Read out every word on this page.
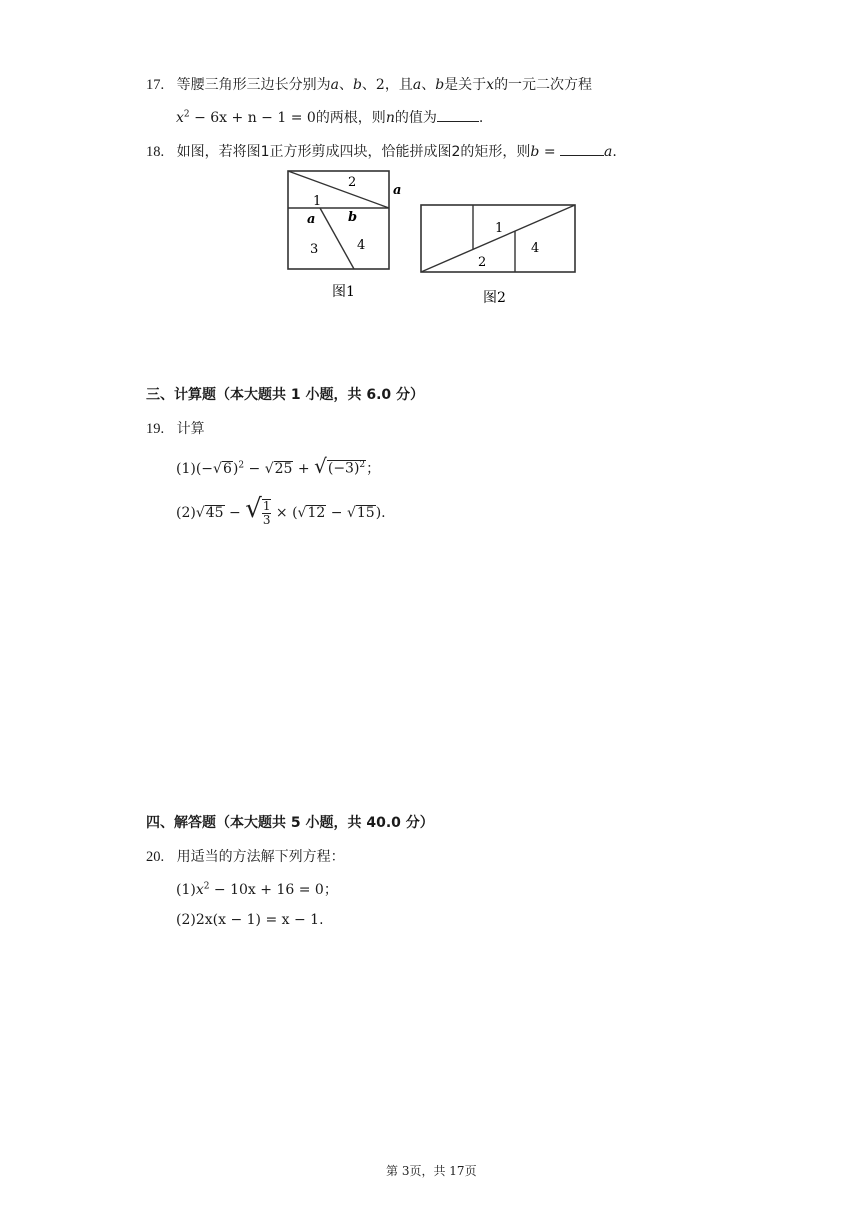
17. 等腰三角形三边长分别为a、b、2，且a、b是关于x的一元二次方程
$x^2 - 6x + n - 1 = 0$的两根，则n的值为	.
18. 如图，若将图1正方形剪成四块，恰能拼成图2的矩形，则b =	a.
2
1
a
a	b
3	4
图1
1
2
4
图2
三、计算题（本大题共 1 小题，共 6.0 分）
19. 计算
$(1)(-√6)^2 - √25 + √(-3)^2$；
(2)√45 − √ $\frac{1}{3} \times (√12 - √15)$.
四、解答题（本大题共 5 小题，共 40.0 分）
20. 用适当的方法解下列方程：
$(1)x^2 - 10x + 16 = 0$；
(2)2x(x − 1) = x − 1.
第 3页，共 17页
